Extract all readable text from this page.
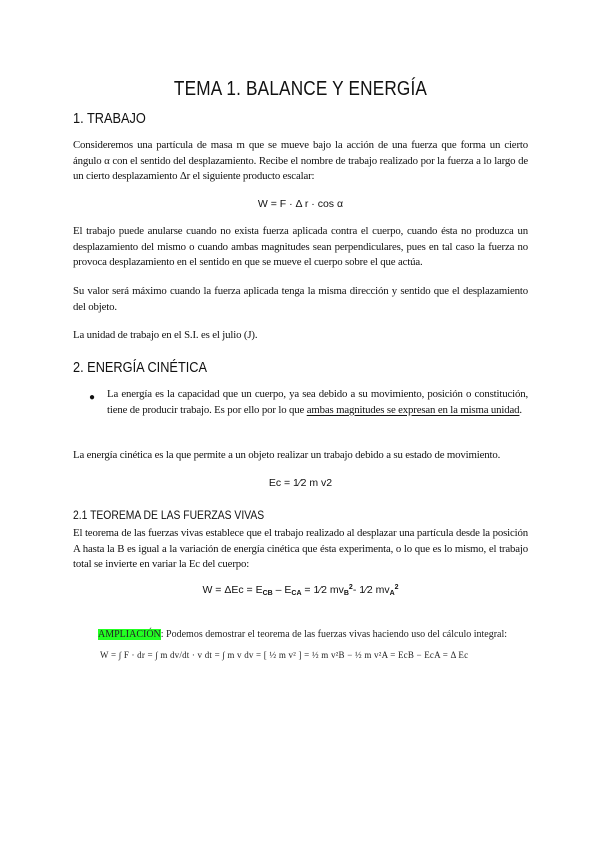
TEMA 1. BALANCE Y ENERGÍA
1. TRABAJO
Consideremos una partícula de masa m que se mueve bajo la acción de una fuerza que forma un cierto ángulo α con el sentido del desplazamiento. Recibe el nombre de trabajo realizado por la fuerza a lo largo de un cierto desplazamiento Δr el siguiente producto escalar:
W = F · Δ r · cos α
El trabajo puede anularse cuando no exista fuerza aplicada contra el cuerpo, cuando ésta no produzca un desplazamiento del mismo o cuando ambas magnitudes sean perpendiculares, pues en tal caso la fuerza no provoca desplazamiento en el sentido en que se mueve el cuerpo sobre el que actúa.
Su valor será máximo cuando la fuerza aplicada tenga la misma dirección y sentido que el desplazamiento del objeto.
La unidad de trabajo en el S.I. es el julio (J).
2. ENERGÍA CINÉTICA
●	La energía es la capacidad que un cuerpo, ya sea debido a su movimiento, posición o constitución, tiene de producir trabajo. Es por ello por lo que ambas magnitudes se expresan en la misma unidad.
La energía cinética es la que permite a un objeto realizar un trabajo debido a su estado de movimiento.
Ec = 1⁄2 m v2
2.1 TEOREMA DE LAS FUERZAS VIVAS
El teorema de las fuerzas vivas establece que el trabajo realizado al desplazar una partícula desde la posición A hasta la B es igual a la variación de energía cinética que ésta experimenta, o lo que es lo mismo, el trabajo total se invierte en variar la Ec del cuerpo:
$W = \Delta Ec = E_{CB} - E_{CA}$ = 1⁄2 $mv_B^2-$ 1⁄2 $mv_A^2$
AMPLIACIÓN: Podemos demostrar el teorema de las fuerzas vivas haciendo uso del cálculo integral:
W = ∫ F · dr = ∫ m dv/dt · v dt = ∫ m v dv = [ ½ m v² ] = ½ m v²B − ½ m v²A = EcB − EcA = Δ Ec
